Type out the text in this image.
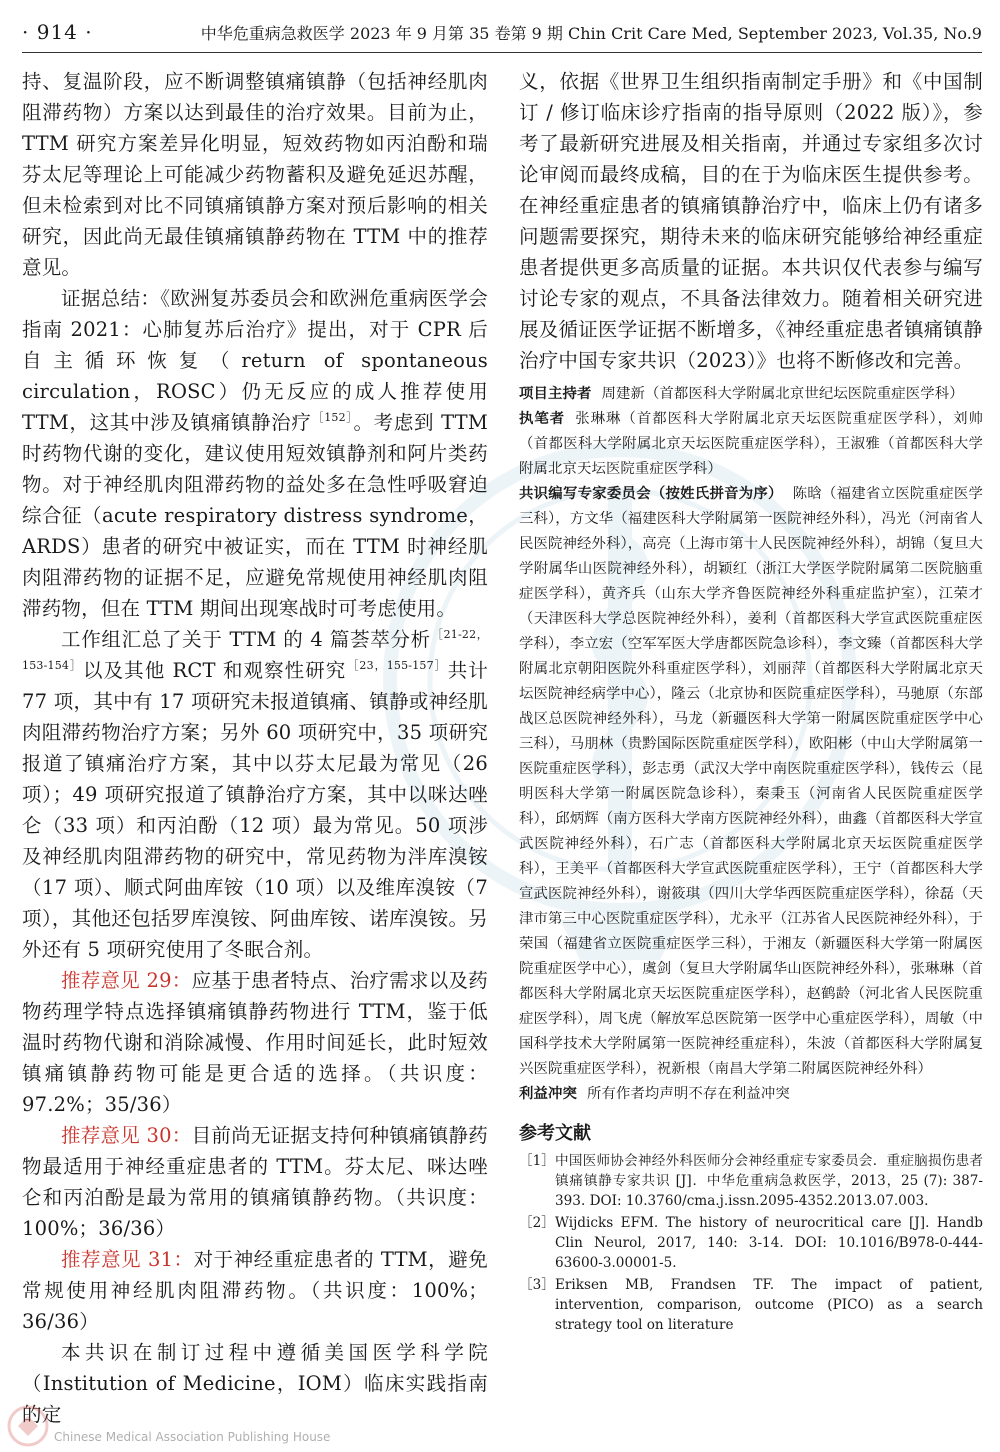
· 914 ·	中华危重病急救医学 2023 年 9 月第 35 卷第 9 期 Chin Crit Care Med, September 2023, Vol.35, No.9

持、复温阶段，应不断调整镇痛镇静（包括神经肌肉阻滞药物）方案以达到最佳的治疗效果。目前为止，TTM 研究方案差异化明显，短效药物如丙泊酚和瑞芬太尼等理论上可能减少药物蓄积及避免延迟苏醒，但未检索到对比不同镇痛镇静方案对预后影响的相关研究，因此尚无最佳镇痛镇静药物在 TTM 中的推荐意见。

证据总结：《欧洲复苏委员会和欧洲危重病医学会指南 2021：心肺复苏后治疗》提出，对于 CPR 后自主循环恢复（return of spontaneous circulation，ROSC）仍无反应的成人推荐使用 TTM，这其中涉及镇痛镇静治疗$^{[152]}$。考虑到 TTM 时药物代谢的变化，建议使用短效镇静剂和阿片类药物。对于神经肌肉阻滞药物的益处多在急性呼吸窘迫综合征（acute respiratory distress syndrome，ARDS）患者的研究中被证实，而在 TTM 时神经肌肉阻滞药物的证据不足，应避免常规使用神经肌肉阻滞药物，但在 TTM 期间出现寒战时可考虑使用。

工作组汇总了关于 TTM 的 4 篇荟萃分析$^{[21-22,153-154]}$以及其他 RCT 和观察性研究$^{[23,155-157]}$共计 77 项，其中有 17 项研究未报道镇痛、镇静或神经肌肉阻滞药物治疗方案；另外 60 项研究中，35 项研究报道了镇痛治疗方案，其中以芬太尼最为常见（26 项）；49 项研究报道了镇静治疗方案，其中以咪达唑仑（33 项）和丙泊酚（12 项）最为常见。50 项涉及神经肌肉阻滞药物的研究中，常见药物为泮库溴铵（17 项）、顺式阿曲库铵（10 项）以及维库溴铵（7 项），其他还包括罗库溴铵、阿曲库铵、诺库溴铵。另外还有 5 项研究使用了冬眠合剂。

推荐意见 29：应基于患者特点、治疗需求以及药物药理学特点选择镇痛镇静药物进行 TTM，鉴于低温时药物代谢和消除减慢、作用时间延长，此时短效镇痛镇静药物可能是更合适的选择。（共识度：97.2%；35/36）

推荐意见 30：目前尚无证据支持何种镇痛镇静药物最适用于神经重症患者的 TTM。芬太尼、咪达唑仑和丙泊酚是最为常用的镇痛镇静药物。（共识度：100%；36/36）

推荐意见 31：对于神经重症患者的 TTM，避免常规使用神经肌肉阻滞药物。（共识度：100%；36/36）

本共识在制订过程中遵循美国医学科学院（Institution of Medicine，IOM）临床实践指南的定

义，依据《世界卫生组织指南制定手册》和《中国制订 / 修订临床诊疗指南的指导原则（2022 版）》，参考了最新研究进展及相关指南，并通过专家组多次讨论审阅而最终成稿，目的在于为临床医生提供参考。在神经重症患者的镇痛镇静治疗中，临床上仍有诸多问题需要探究，期待未来的临床研究能够给神经重症患者提供更多高质量的证据。本共识仅代表参与编写讨论专家的观点，不具备法律效力。随着相关研究进展及循证医学证据不断增多，《神经重症患者镇痛镇静治疗中国专家共识（2023）》也将不断修改和完善。

项目主持者 周建新（首都医科大学附属北京世纪坛医院重症医学科）

执笔者 张琳琳（首都医科大学附属北京天坛医院重症医学科），刘帅（首都医科大学附属北京天坛医院重症医学科），王淑雅（首都医科大学附属北京天坛医院重症医学科）

共识编写专家委员会（按姓氏拼音为序） 陈晗（福建省立医院重症医学三科），方文华（福建医科大学附属第一医院神经外科），冯光（河南省人民医院神经外科），高亮（上海市第十人民医院神经外科），胡锦（复旦大学附属华山医院神经外科），胡颖红（浙江大学医学院附属第二医院脑重症医学科），黄齐兵（山东大学齐鲁医院神经外科重症监护室），江荣才（天津医科大学总医院神经外科），姜利（首都医科大学宣武医院重症医学科），李立宏（空军军医大学唐都医院急诊科），李文臻（首都医科大学附属北京朝阳医院外科重症医学科），刘丽萍（首都医科大学附属北京天坛医院神经病学中心），隆云（北京协和医院重症医学科），马驰原（东部战区总医院神经外科），马龙（新疆医科大学第一附属医院重症医学中心三科），马朋林（贵黔国际医院重症医学科），欧阳彬（中山大学附属第一医院重症医学科），彭志勇（武汉大学中南医院重症医学科），钱传云（昆明医科大学第一附属医院急诊科），秦秉玉（河南省人民医院重症医学科），邱炳辉（南方医科大学南方医院神经外科），曲鑫（首都医科大学宣武医院神经外科），石广志（首都医科大学附属北京天坛医院重症医学科），王美平（首都医科大学宣武医院重症医学科），王宁（首都医科大学宣武医院神经外科），谢筱琪（四川大学华西医院重症医学科），徐磊（天津市第三中心医院重症医学科），尤永平（江苏省人民医院神经外科），于荣国（福建省立医院重症医学三科），于湘友（新疆医科大学第一附属医院重症医学中心），虞剑（复旦大学附属华山医院神经外科），张琳琳（首都医科大学附属北京天坛医院重症医学科），赵鹤龄（河北省人民医院重症医学科），周飞虎（解放军总医院第一医学中心重症医学科），周敏（中国科学技术大学附属第一医院神经重症科），朱波（首都医科大学附属复兴医院重症医学科），祝新根（南昌大学第二附属医院神经外科）

利益冲突 所有作者均声明不存在利益冲突

参考文献
［1］ 中国医师协会神经外科医师分会神经重症专家委员会．重症脑损伤患者镇痛镇静专家共识 [J]．中华危重病急救医学，2013，25 (7): 387-393. DOI: 10.3760/cma.j.issn.2095-4352.2013.07.003.
［2］ Wijdicks EFM. The history of neurocritical care [J]. Handb Clin Neurol, 2017, 140: 3-14. DOI: 10.1016/B978-0-444-63600-3.00001-5.
［3］ Eriksen MB, Frandsen TF. The impact of patient, intervention, comparison, outcome (PICO) as a search strategy tool on literature
Chinese Medical Association Publishing House
